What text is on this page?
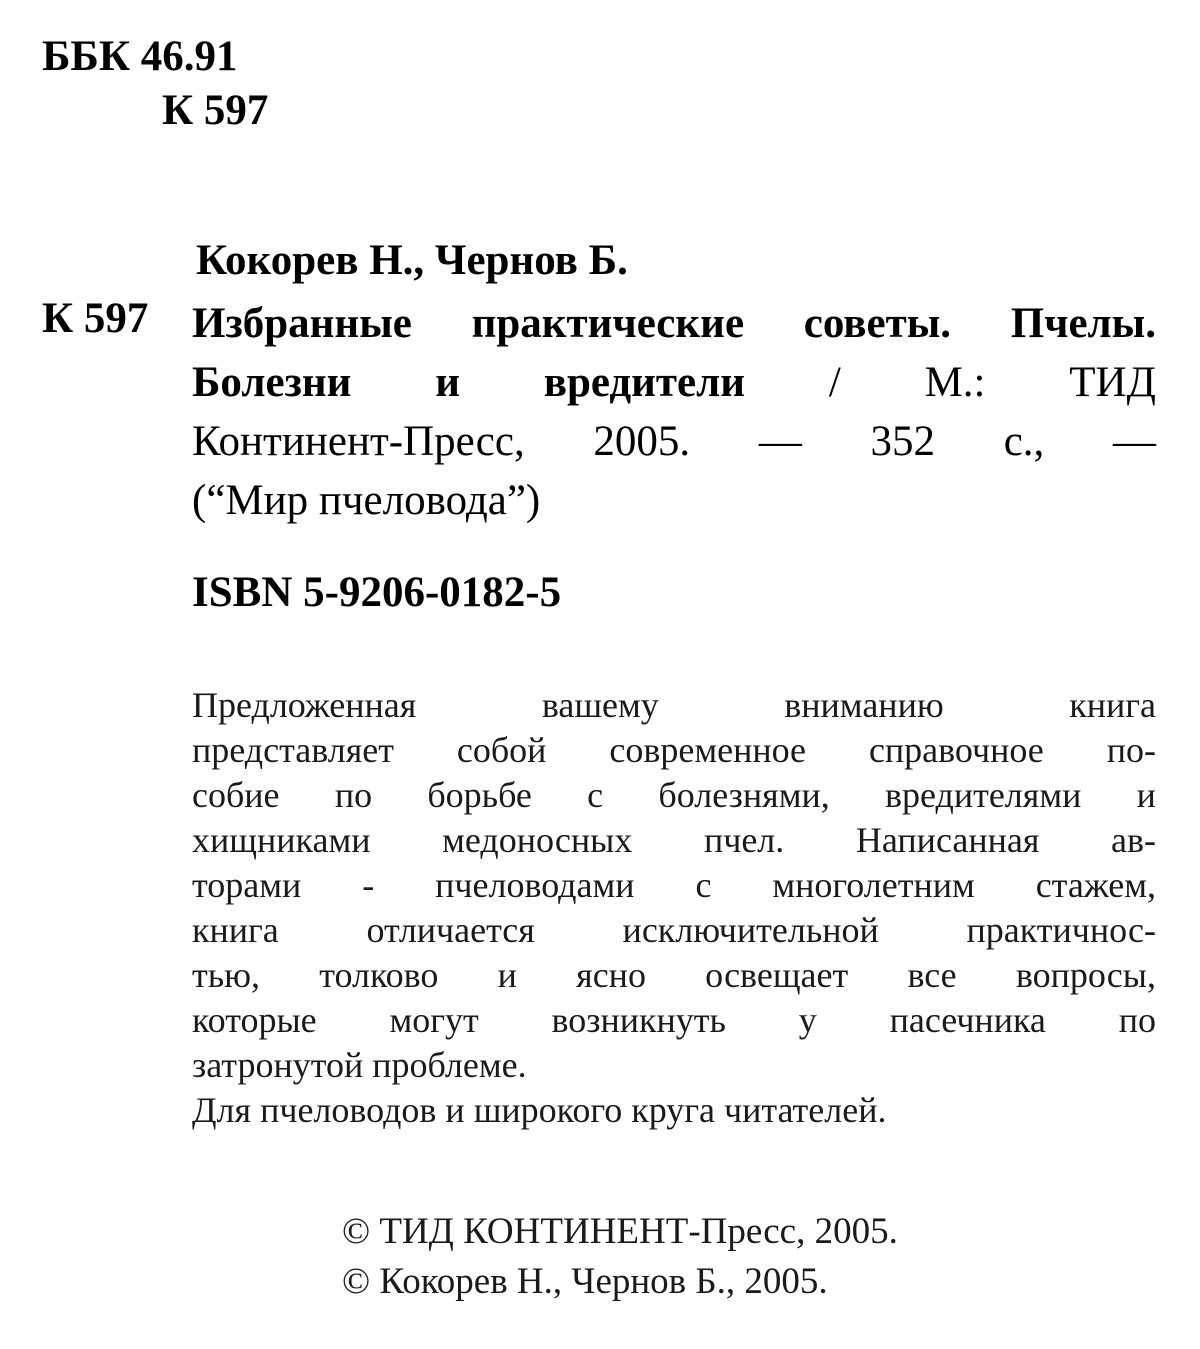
ББК 46.91
К 597
Кокорев Н., Чернов Б.
К 597 Избранные практические советы. Пчелы.
Болезни и вредители / М.: ТИД
Континент-Пресс, 2005. — 352 с., —
(“Мир пчеловода”)
ISBN 5-9206-0182-5
Предложенная	вашему	вниманию	книга
представляет собой современное справочное по-
собие по борьбе с болезнями, вредителями и
хищниками медоносных пчел. Написанная ав-
торами - пчеловодами с многолетним стажем,
книга отличается исключительной практичнос-
тью, толково и ясно освещает все вопросы,
которые могут возникнуть у пасечника по
затронутой проблеме.
Для пчеловодов и широкого круга читателей.
© ТИД КОНТИНЕНТ-Пресс, 2005.
© Кокорев Н., Чернов Б., 2005.
